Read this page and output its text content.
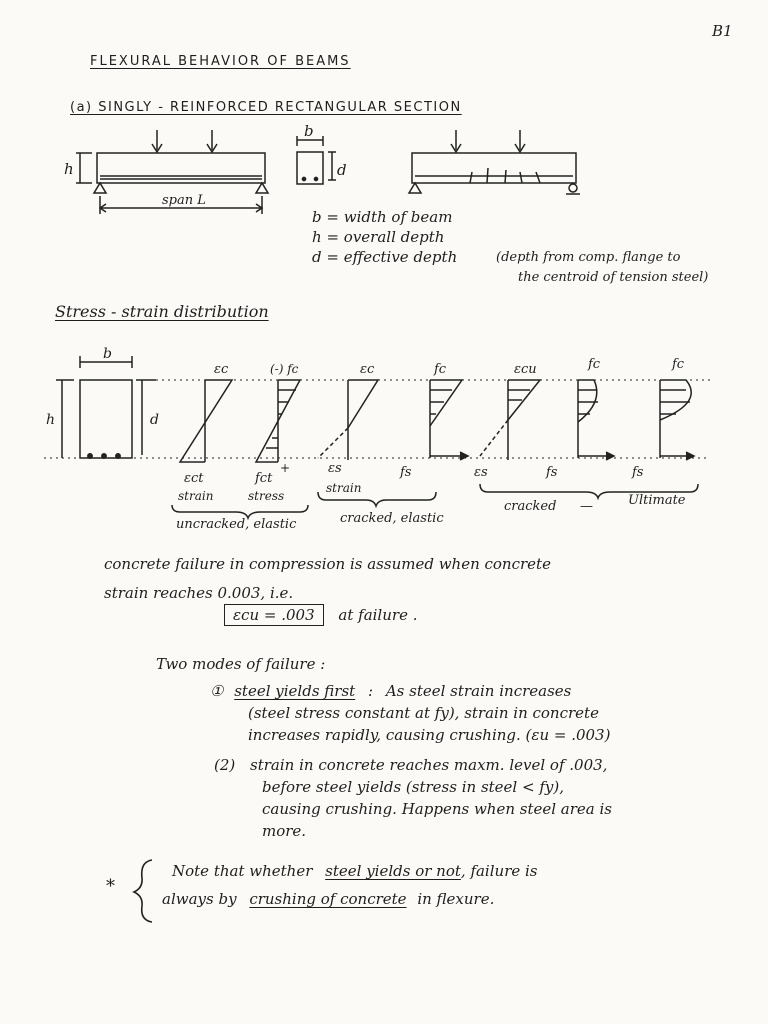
B1
FLEXURAL BEHAVIOR OF BEAMS
(a) SINGLY - REINFORCED RECTANGULAR SECTION
h
b
d
span L
b = width of beam
h = overall depth
d = effective depth	(depth from comp. flange to
the centroid of tension steel)
Stress - strain distribution
b
h	d
εc	(-) fc	εc	fc	εcu	fc	fc
εct	fct
+	εs	fs	εs	fs	fs
strain	stress
strain
uncracked, elastic	cracked, elastic
cracked —	Ultimate
concrete failure in compression is assumed when concrete
strain reaches 0.003, i.e.
εcu = .003 at failure .
Two modes of failure :
① steel yields first : As steel strain increases
(steel stress constant at fy), strain in concrete
increases rapidly, causing crushing. (εu = .003)
(2) strain in concrete reaches maxm. level of .003,
before steel yields (stress in steel < fy),
causing crushing. Happens when steel area is
more.
*
Note that whether steel yields or not, failure is
always by crushing of concrete in flexure.
